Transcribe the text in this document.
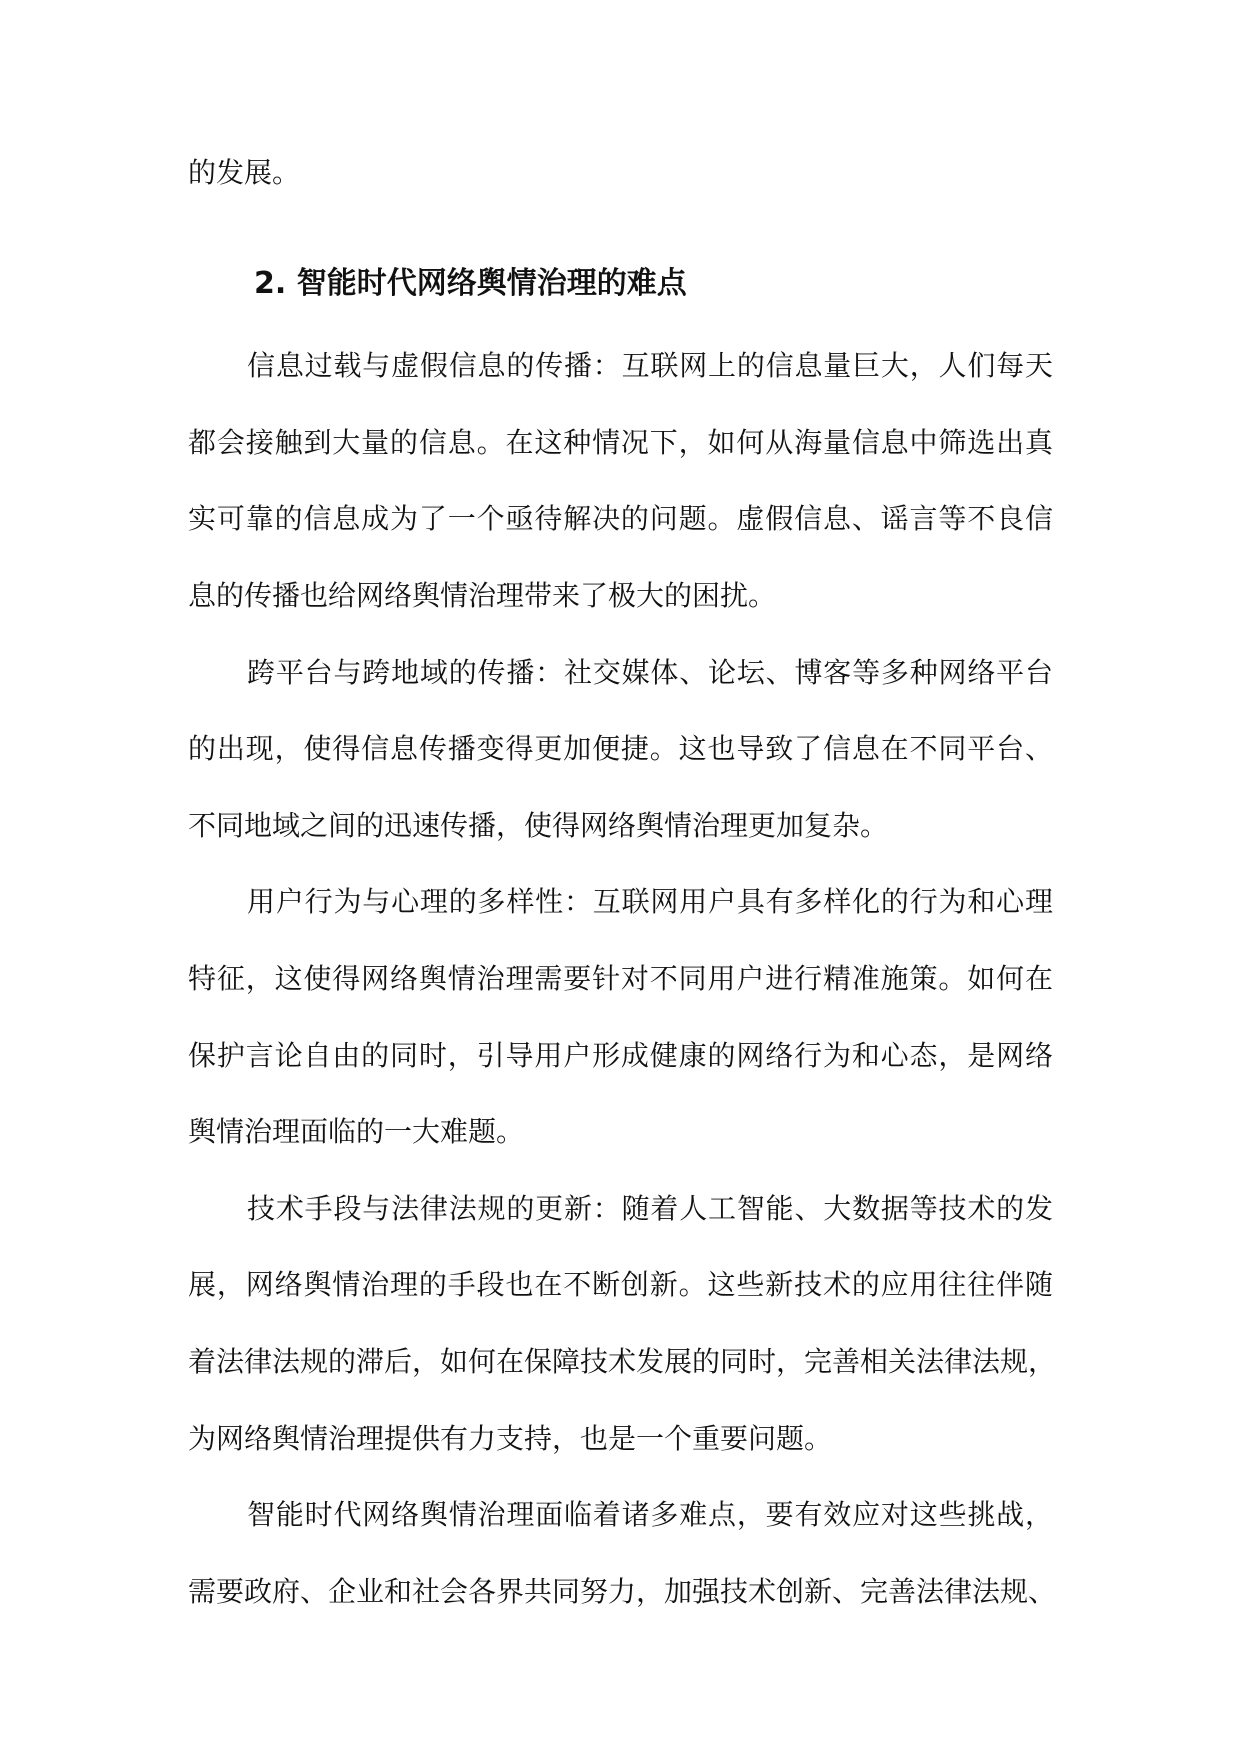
的发展。
2. 智能时代网络舆情治理的难点
信息过载与虚假信息的传播：互联网上的信息量巨大，人们每天
都会接触到大量的信息。在这种情况下，如何从海量信息中筛选出真
实可靠的信息成为了一个亟待解决的问题。虚假信息、谣言等不良信
息的传播也给网络舆情治理带来了极大的困扰。
跨平台与跨地域的传播：社交媒体、论坛、博客等多种网络平台
的出现，使得信息传播变得更加便捷。这也导致了信息在不同平台、
不同地域之间的迅速传播，使得网络舆情治理更加复杂。
用户行为与心理的多样性：互联网用户具有多样化的行为和心理
特征，这使得网络舆情治理需要针对不同用户进行精准施策。如何在
保护言论自由的同时，引导用户形成健康的网络行为和心态，是网络
舆情治理面临的一大难题。
技术手段与法律法规的更新：随着人工智能、大数据等技术的发
展，网络舆情治理的手段也在不断创新。这些新技术的应用往往伴随
着法律法规的滞后，如何在保障技术发展的同时，完善相关法律法规，
为网络舆情治理提供有力支持，也是一个重要问题。
智能时代网络舆情治理面临着诸多难点，要有效应对这些挑战，
需要政府、企业和社会各界共同努力，加强技术创新、完善法律法规、
